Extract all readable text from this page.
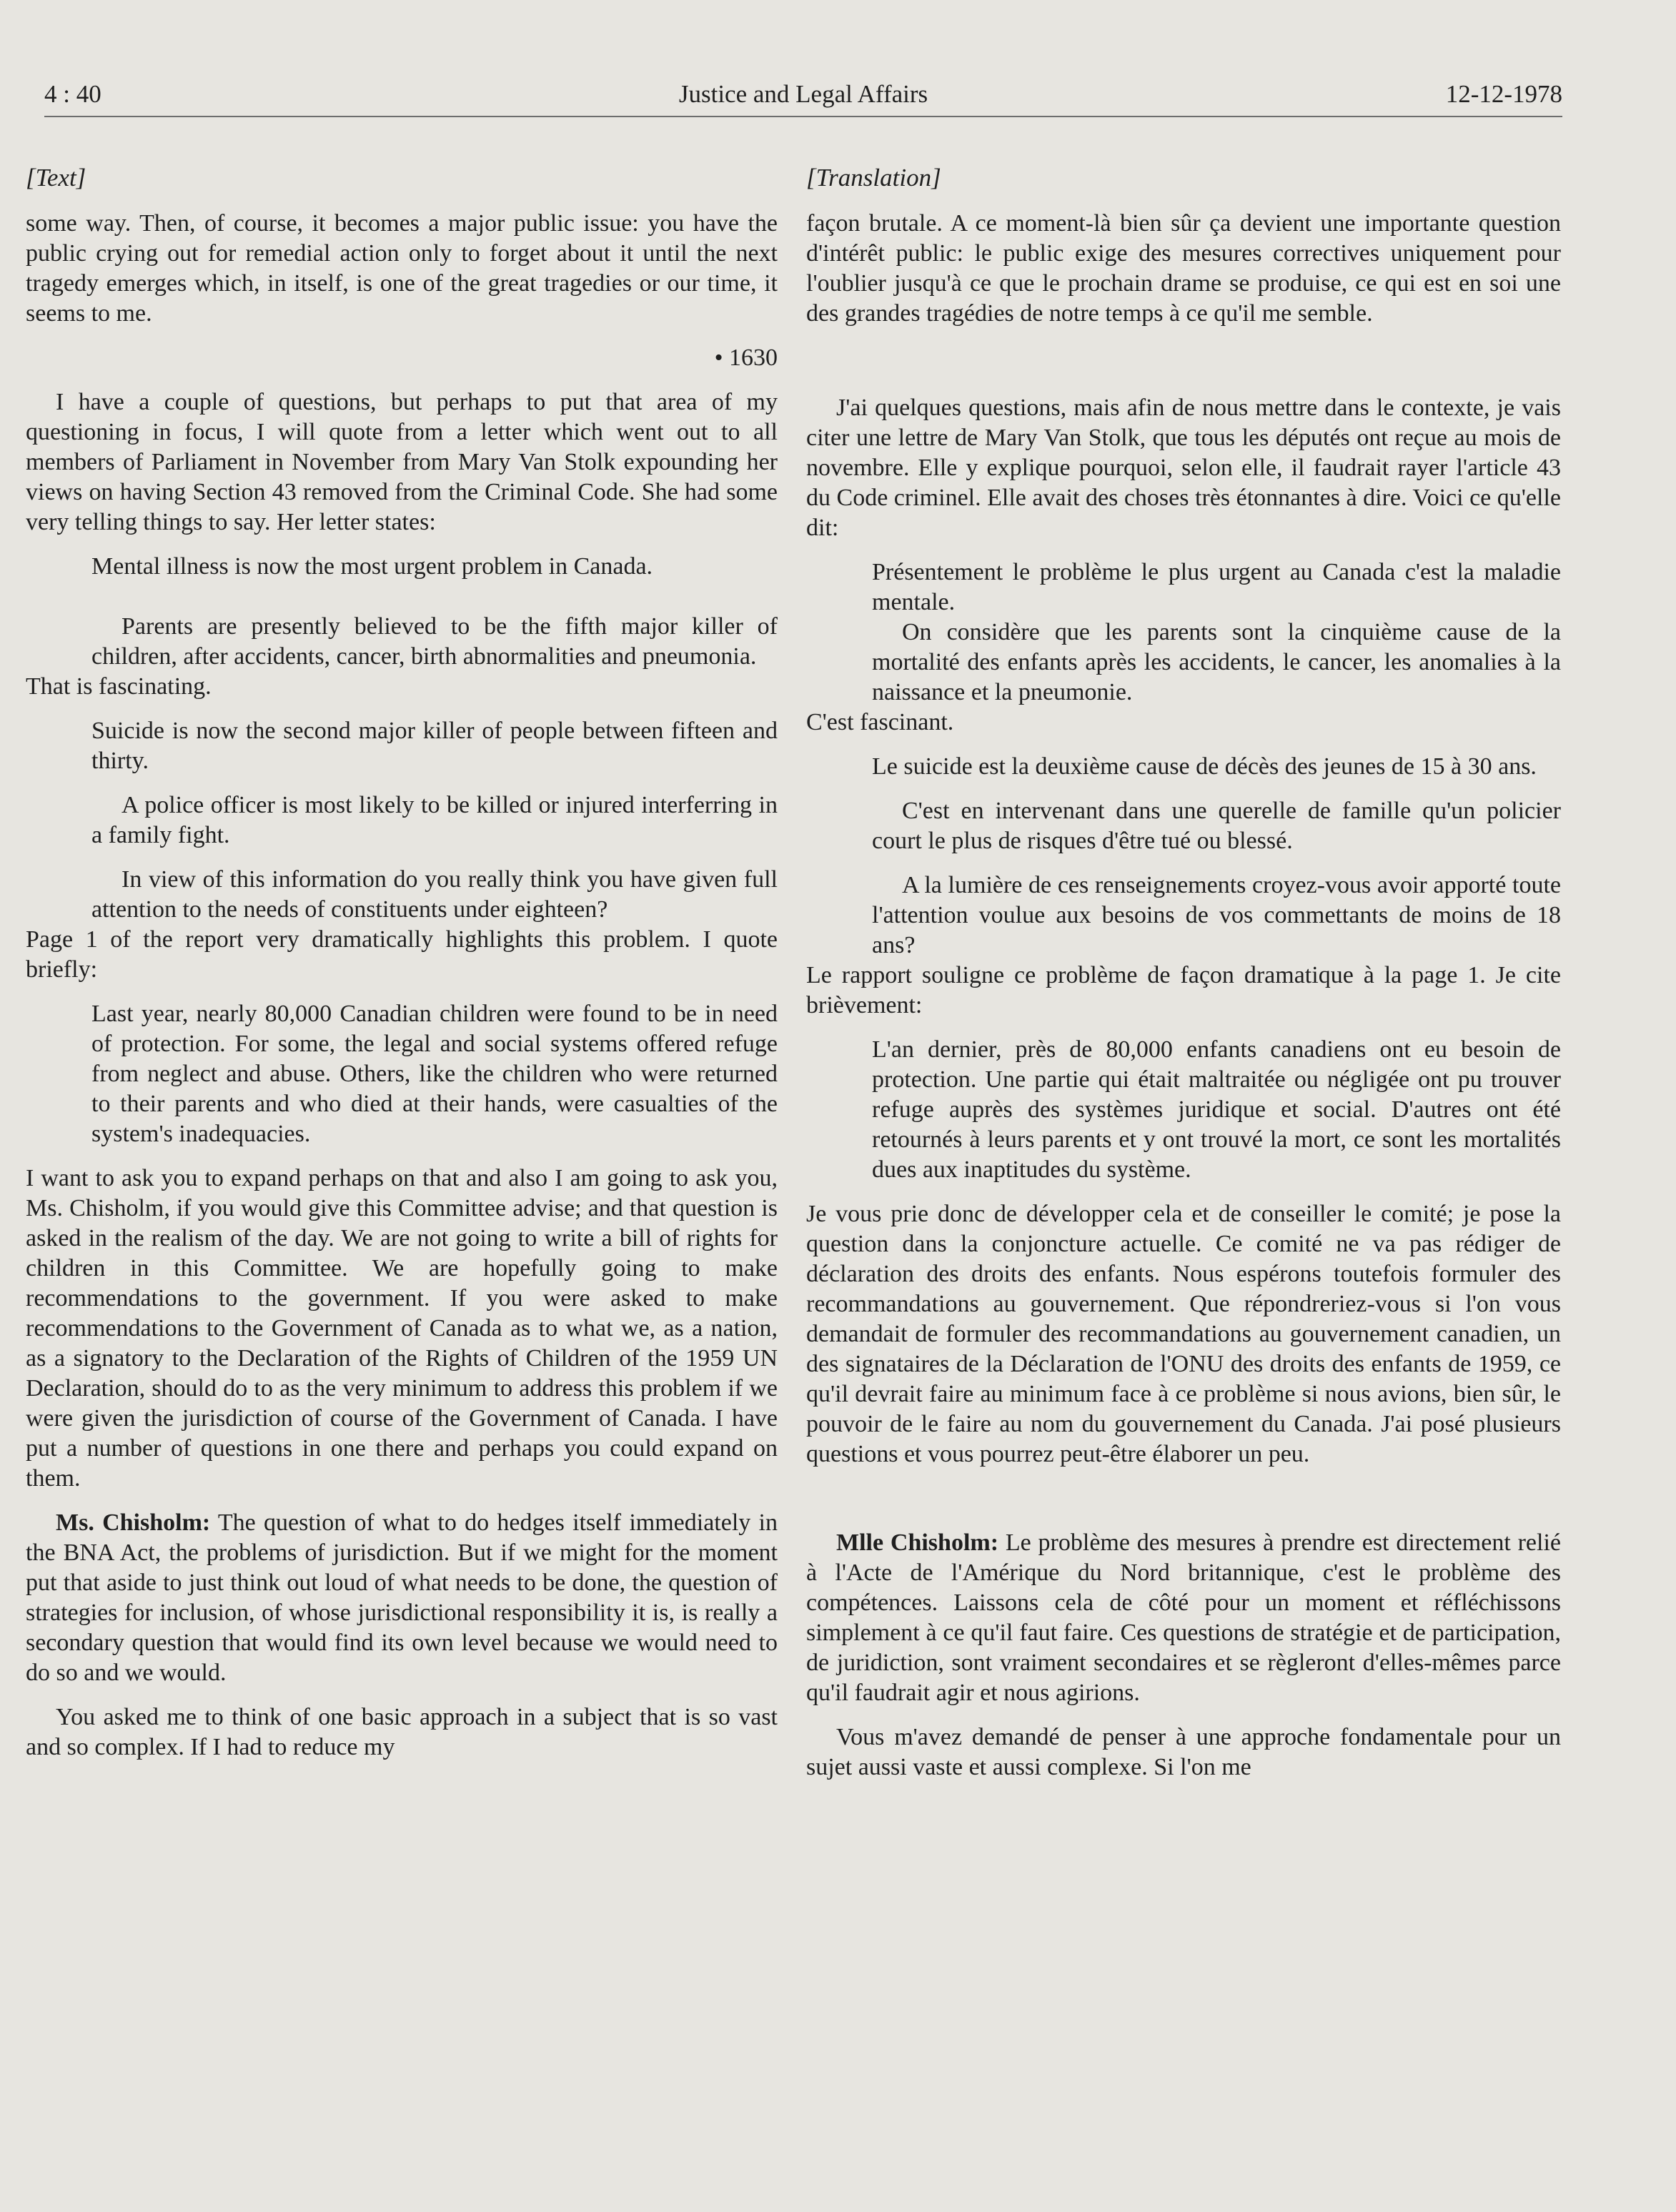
4 : 40	Justice and Legal Affairs	12-12-1978

[Text]

some way. Then, of course, it becomes a major public issue: you have the public crying out for remedial action only to forget about it until the next tragedy emerges which, in itself, is one of the great tragedies or our time, it seems to me.

• 1630

I have a couple of questions, but perhaps to put that area of my questioning in focus, I will quote from a letter which went out to all members of Parliament in November from Mary Van Stolk expounding her views on having Section 43 removed from the Criminal Code. She had some very telling things to say. Her letter states:

Mental illness is now the most urgent problem in Canada.

Parents are presently believed to be the fifth major killer of children, after accidents, cancer, birth abnormalities and pneumonia.

That is fascinating.

Suicide is now the second major killer of people between fifteen and thirty.

A police officer is most likely to be killed or injured interferring in a family fight.

In view of this information do you really think you have given full attention to the needs of constituents under eighteen?

Page 1 of the report very dramatically highlights this problem. I quote briefly:

Last year, nearly 80,000 Canadian children were found to be in need of protection. For some, the legal and social systems offered refuge from neglect and abuse. Others, like the children who were returned to their parents and who died at their hands, were casualties of the system's inadequacies.

I want to ask you to expand perhaps on that and also I am going to ask you, Ms. Chisholm, if you would give this Committee advise; and that question is asked in the realism of the day. We are not going to write a bill of rights for children in this Committee. We are hopefully going to make recommendations to the government. If you were asked to make recommendations to the Government of Canada as to what we, as a nation, as a signatory to the Declaration of the Rights of Children of the 1959 UN Declaration, should do to as the very minimum to address this problem if we were given the jurisdiction of course of the Government of Canada. I have put a number of questions in one there and perhaps you could expand on them.

Ms. Chisholm: The question of what to do hedges itself immediately in the BNA Act, the problems of jurisdiction. But if we might for the moment put that aside to just think out loud of what needs to be done, the question of strategies for inclusion, of whose jurisdictional responsibility it is, is really a secondary question that would find its own level because we would need to do so and we would.

You asked me to think of one basic approach in a subject that is so vast and so complex. If I had to reduce my

[Translation]

façon brutale. A ce moment-là bien sûr ça devient une importante question d'intérêt public: le public exige des mesures correctives uniquement pour l'oublier jusqu'à ce que le prochain drame se produise, ce qui est en soi une des grandes tragédies de notre temps à ce qu'il me semble.

J'ai quelques questions, mais afin de nous mettre dans le contexte, je vais citer une lettre de Mary Van Stolk, que tous les députés ont reçue au mois de novembre. Elle y explique pourquoi, selon elle, il faudrait rayer l'article 43 du Code criminel. Elle avait des choses très étonnantes à dire. Voici ce qu'elle dit:

Présentement le problème le plus urgent au Canada c'est la maladie mentale.

On considère que les parents sont la cinquième cause de la mortalité des enfants après les accidents, le cancer, les anomalies à la naissance et la pneumonie.

C'est fascinant.

Le suicide est la deuxième cause de décès des jeunes de 15 à 30 ans.

C'est en intervenant dans une querelle de famille qu'un policier court le plus de risques d'être tué ou blessé.

A la lumière de ces renseignements croyez-vous avoir apporté toute l'attention voulue aux besoins de vos commettants de moins de 18 ans?

Le rapport souligne ce problème de façon dramatique à la page 1. Je cite brièvement:

L'an dernier, près de 80,000 enfants canadiens ont eu besoin de protection. Une partie qui était maltraitée ou négligée ont pu trouver refuge auprès des systèmes juridique et social. D'autres ont été retournés à leurs parents et y ont trouvé la mort, ce sont les mortalités dues aux inaptitudes du système.

Je vous prie donc de développer cela et de conseiller le comité; je pose la question dans la conjoncture actuelle. Ce comité ne va pas rédiger de déclaration des droits des enfants. Nous espérons toutefois formuler des recommandations au gouvernement. Que répondreriez-vous si l'on vous demandait de formuler des recommandations au gouvernement canadien, un des signataires de la Déclaration de l'ONU des droits des enfants de 1959, ce qu'il devrait faire au minimum face à ce problème si nous avions, bien sûr, le pouvoir de le faire au nom du gouvernement du Canada. J'ai posé plusieurs questions et vous pourrez peut-être élaborer un peu.

Mlle Chisholm: Le problème des mesures à prendre est directement relié à l'Acte de l'Amérique du Nord britannique, c'est le problème des compétences. Laissons cela de côté pour un moment et réfléchissons simplement à ce qu'il faut faire. Ces questions de stratégie et de participation, de juridiction, sont vraiment secondaires et se règleront d'elles-mêmes parce qu'il faudrait agir et nous agirions.

Vous m'avez demandé de penser à une approche fondamentale pour un sujet aussi vaste et aussi complexe. Si l'on me
